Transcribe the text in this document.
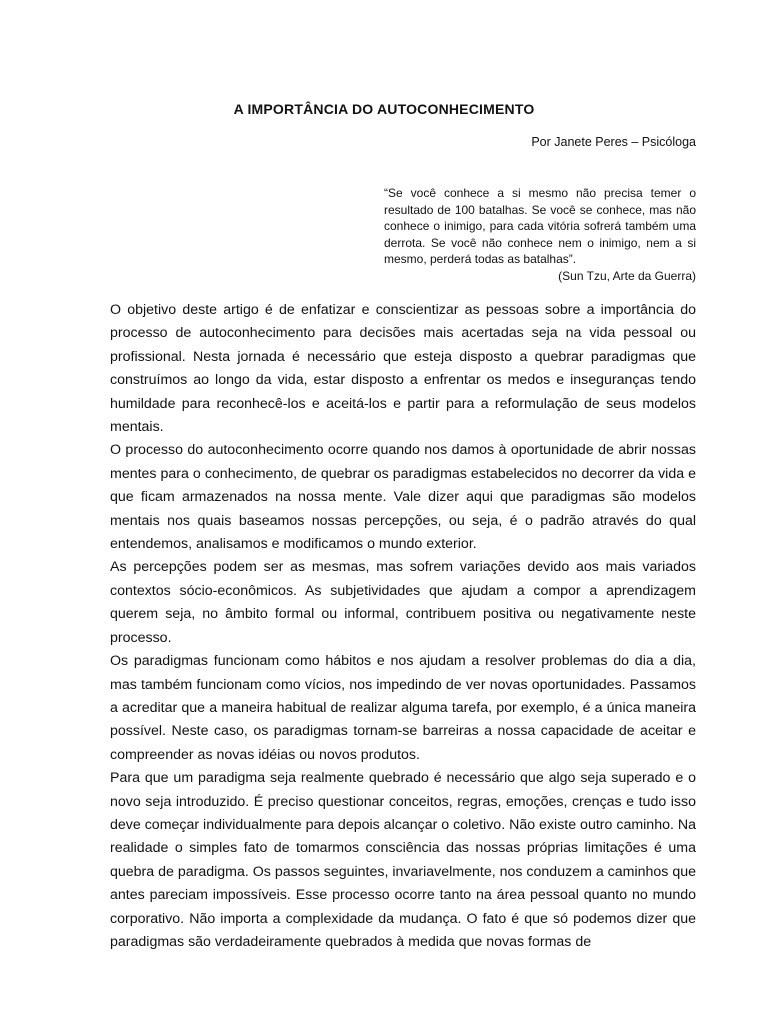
A IMPORTÂNCIA DO AUTOCONHECIMENTO
Por Janete Peres – Psicóloga
“Se você conhece a si mesmo não precisa temer o resultado de 100 batalhas. Se você se conhece, mas não conhece o inimigo, para cada vitória sofrerá também uma derrota. Se você não conhece nem o inimigo, nem a si mesmo, perderá todas as batalhas”.
(Sun Tzu, Arte da Guerra)

O objetivo deste artigo é de enfatizar e conscientizar as pessoas sobre a importância do processo de autoconhecimento para decisões mais acertadas seja na vida pessoal ou profissional. Nesta jornada é necessário que esteja disposto a quebrar paradigmas que construímos ao longo da vida, estar disposto a enfrentar os medos e inseguranças tendo humildade para reconhecê-los e aceitá-los e partir para a reformulação de seus modelos mentais.

O processo do autoconhecimento ocorre quando nos damos à oportunidade de abrir nossas mentes para o conhecimento, de quebrar os paradigmas estabelecidos no decorrer da vida e que ficam armazenados na nossa mente. Vale dizer aqui que paradigmas são modelos mentais nos quais baseamos nossas percepções, ou seja, é o padrão através do qual entendemos, analisamos e modificamos o mundo exterior.

As percepções podem ser as mesmas, mas sofrem variações devido aos mais variados contextos sócio-econômicos. As subjetividades que ajudam a compor a aprendizagem querem seja, no âmbito formal ou informal, contribuem positiva ou negativamente neste processo.

Os paradigmas funcionam como hábitos e nos ajudam a resolver problemas do dia a dia, mas também funcionam como vícios, nos impedindo de ver novas oportunidades. Passamos a acreditar que a maneira habitual de realizar alguma tarefa, por exemplo, é a única maneira possível. Neste caso, os paradigmas tornam-se barreiras a nossa capacidade de aceitar e compreender as novas idéias ou novos produtos.

Para que um paradigma seja realmente quebrado é necessário que algo seja superado e o novo seja introduzido. É preciso questionar conceitos, regras, emoções, crenças e tudo isso deve começar individualmente para depois alcançar o coletivo. Não existe outro caminho. Na realidade o simples fato de tomarmos consciência das nossas próprias limitações é uma quebra de paradigma. Os passos seguintes, invariavelmente, nos conduzem a caminhos que antes pareciam impossíveis. Esse processo ocorre tanto na área pessoal quanto no mundo corporativo. Não importa a complexidade da mudança. O fato é que só podemos dizer que paradigmas são verdadeiramente quebrados à medida que novas formas de
